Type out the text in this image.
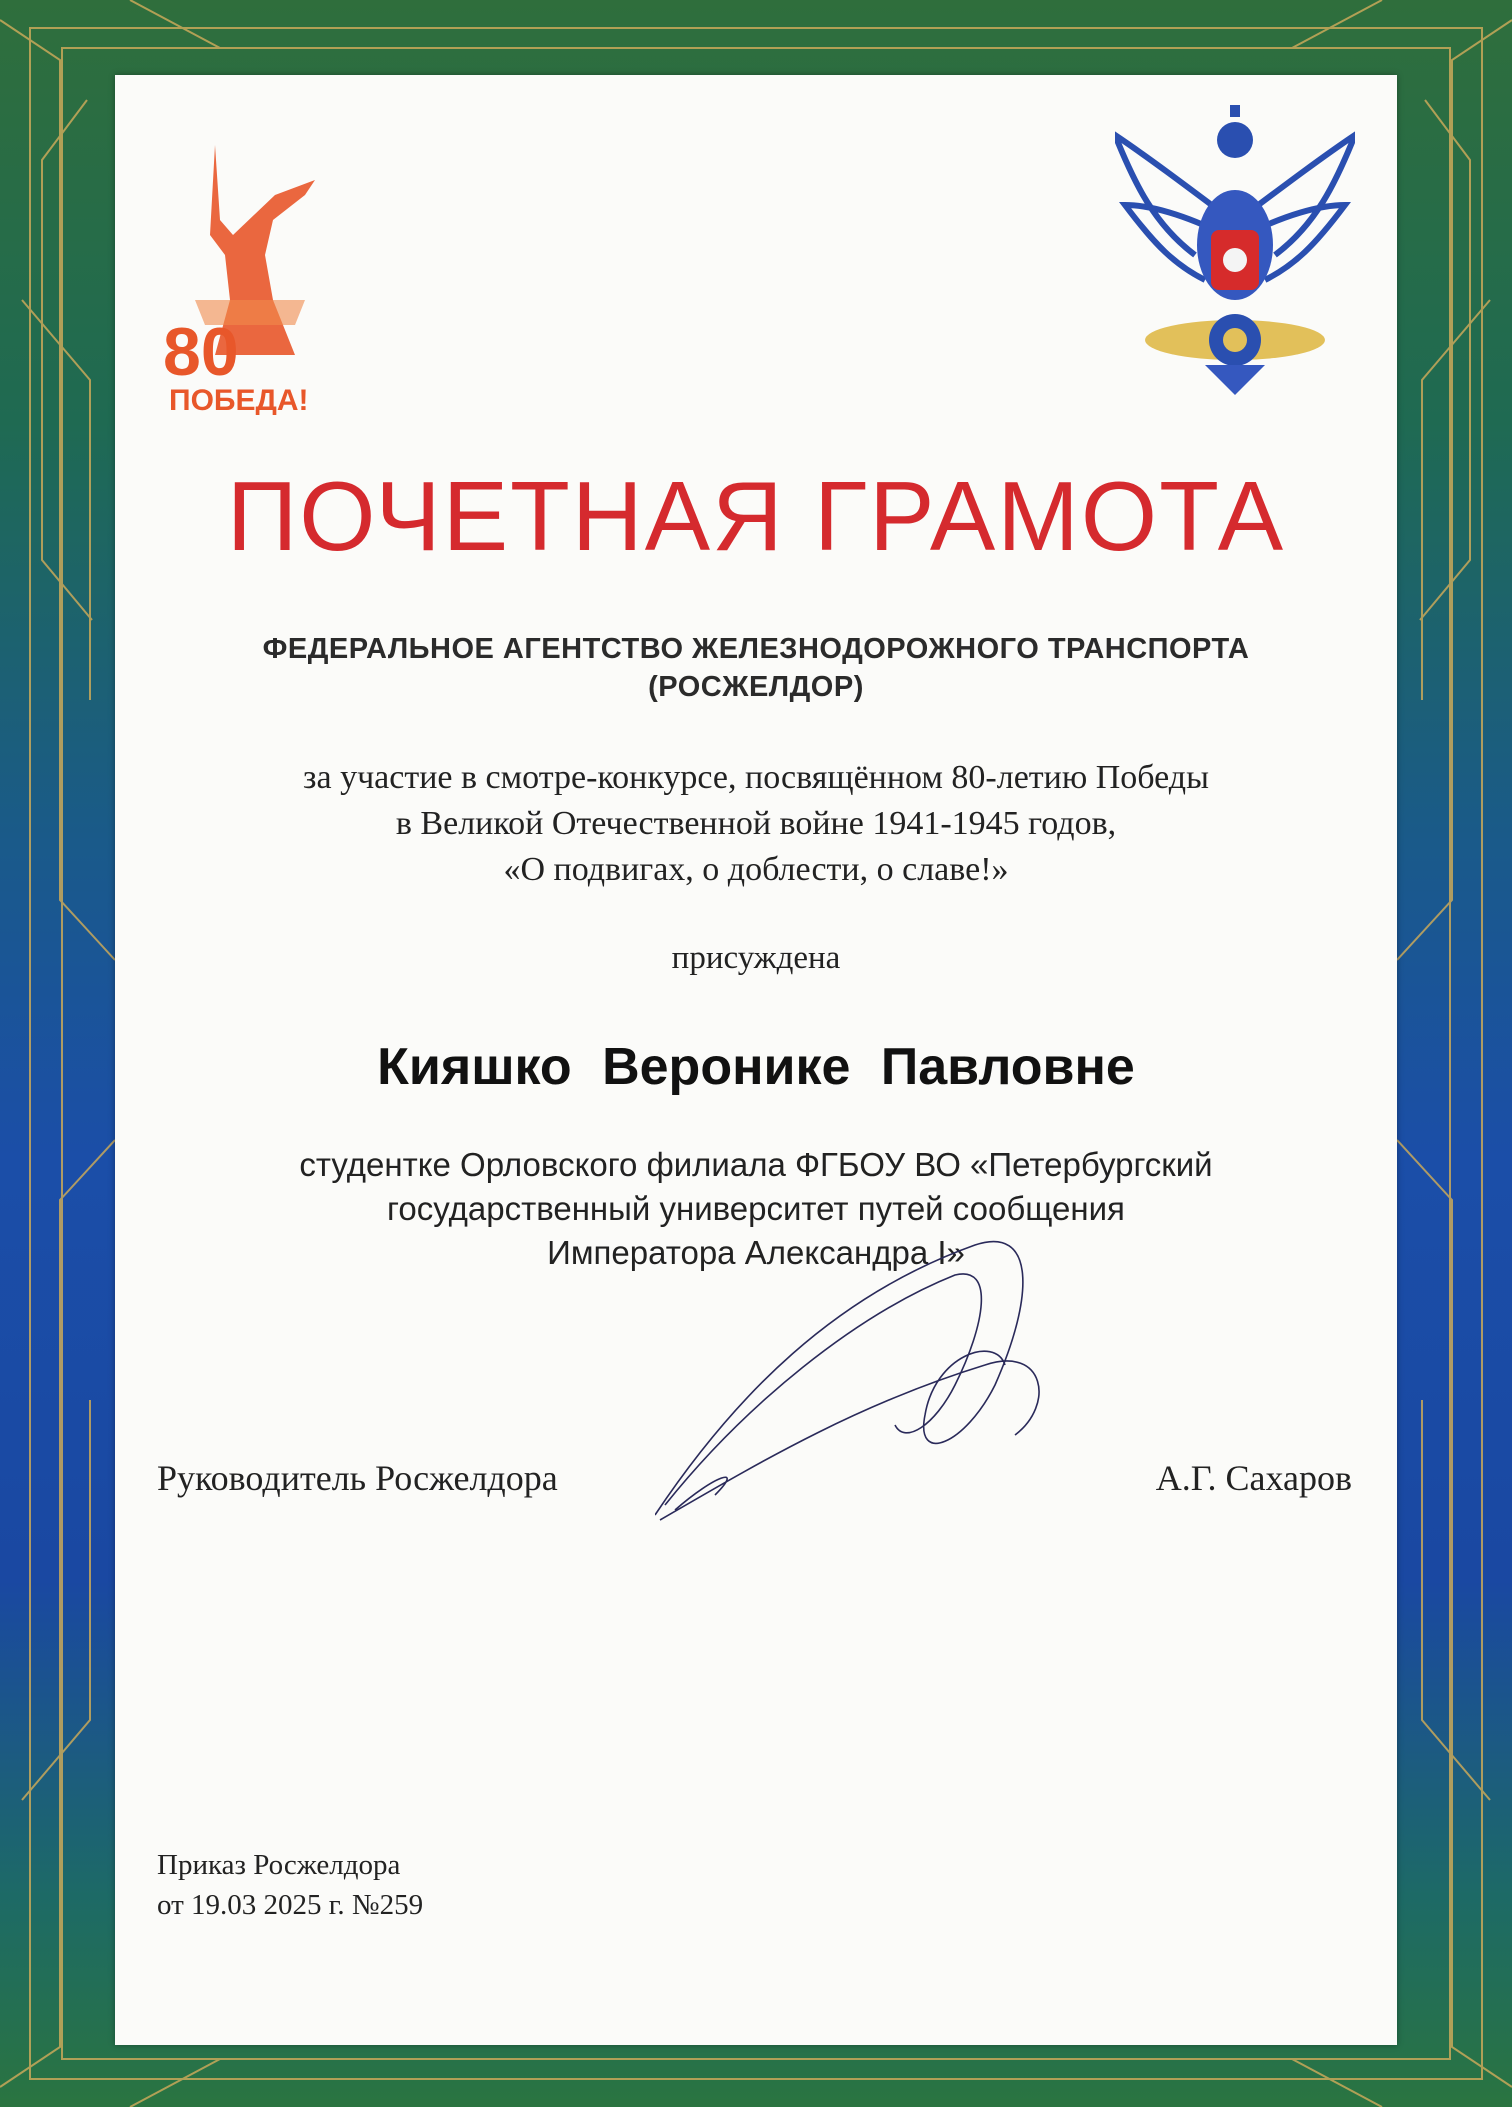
80
ПОБЕДА!
ПОЧЕТНАЯ ГРАМОТА
ФЕДЕРАЛЬНОЕ АГЕНТСТВО ЖЕЛЕЗНОДОРОЖНОГО ТРАНСПОРТА
(РОСЖЕЛДОР)
за участие в смотре-конкурсе, посвящённом 80-летию Победы
в Великой Отечественной войне 1941-1945 годов,
«О подвигах, о доблести, о славе!»
присуждена
Кияшко Веронике Павловне
студентке Орловского филиала ФГБОУ ВО «Петербургский
государственный университет путей сообщения
Императора Александра I»
Руководитель Росжелдора	А.Г. Сахаров
Приказ Росжелдора
от 19.03 2025 г. №259
